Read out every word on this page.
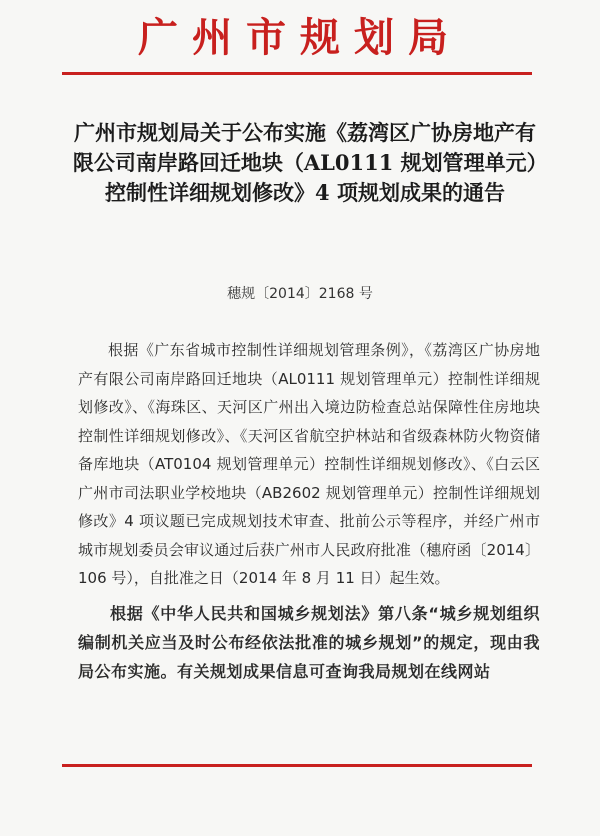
广州市规划局
广州市规划局关于公布实施《荔湾区广协房地产有限公司南岸路回迁地块（AL0111 规划管理单元）控制性详细规划修改》4 项规划成果的通告
穗规〔2014〕2168 号

根据《广东省城市控制性详细规划管理条例》，《荔湾区广协房地产有限公司南岸路回迁地块（AL0111 规划管理单元）控制性详细规划修改》、《海珠区、天河区广州出入境边防检查总站保障性住房地块控制性详细规划修改》、《天河区省航空护林站和省级森林防火物资储备库地块（AT0104 规划管理单元）控制性详细规划修改》、《白云区广州市司法职业学校地块（AB2602 规划管理单元）控制性详细规划修改》4 项议题已完成规划技术审查、批前公示等程序，并经广州市城市规划委员会审议通过后获广州市人民政府批准（穗府函〔2014〕106 号），自批准之日（2014 年 8 月 11 日）起生效。

根据《中华人民共和国城乡规划法》第八条“城乡规划组织编制机关应当及时公布经依法批准的城乡规划”的规定，现由我局公布实施。有关规划成果信息可查询我局规划在线网站
